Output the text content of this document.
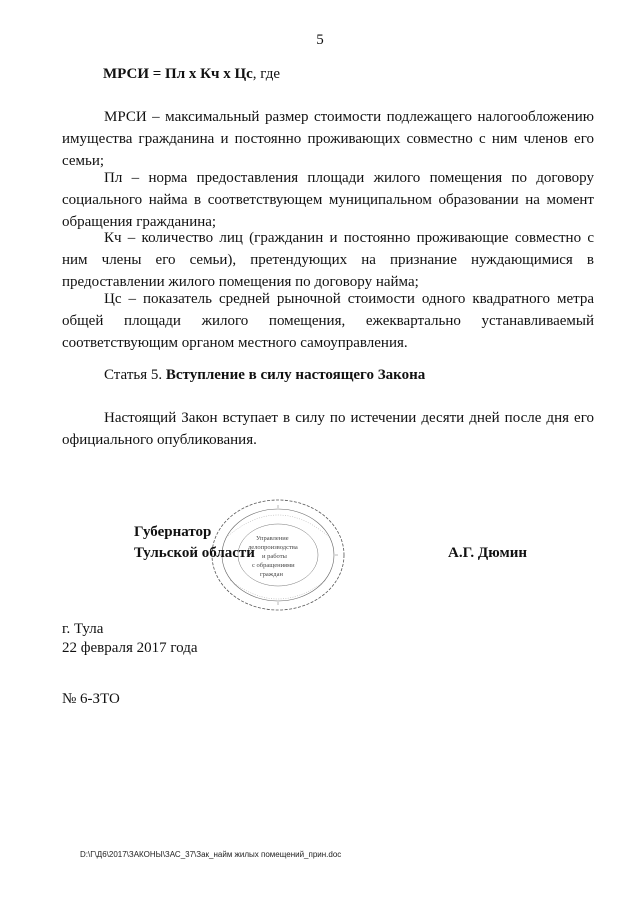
5
МРСИ = Пл х Кч х Цс, где

МРСИ – максимальный размер стоимости подлежащего налогообложению имущества гражданина и постоянно проживающих совместно с ним членов его семьи;

Пл – норма предоставления площади жилого помещения по договору социального найма в соответствующем муниципальном образовании на момент обращения гражданина;

Кч – количество лиц (гражданин и постоянно проживающие совместно с ним члены его семьи), претендующих на признание нуждающимися в предоставлении жилого помещения по договору найма;

Цс – показатель средней рыночной стоимости одного квадратного метра общей площади жилого помещения, ежеквартально устанавливаемый соответствующим органом местного самоуправления.

Статья 5. Вступление в силу настоящего Закона

Настоящий Закон вступает в силу по истечении десяти дней после дня его официального опубликования.

Управление
делопроизводства
и работы
с обращениями
граждан
Губернатор
Тульской области	А.Г. Дюмин
г. Тула
22 февраля 2017 года
№ 6-ЗТО
D:\Г\Д6\2017\ЗАКОНЫ\ЗАС_37\Зак_найм жилых помещений_прин.doc
